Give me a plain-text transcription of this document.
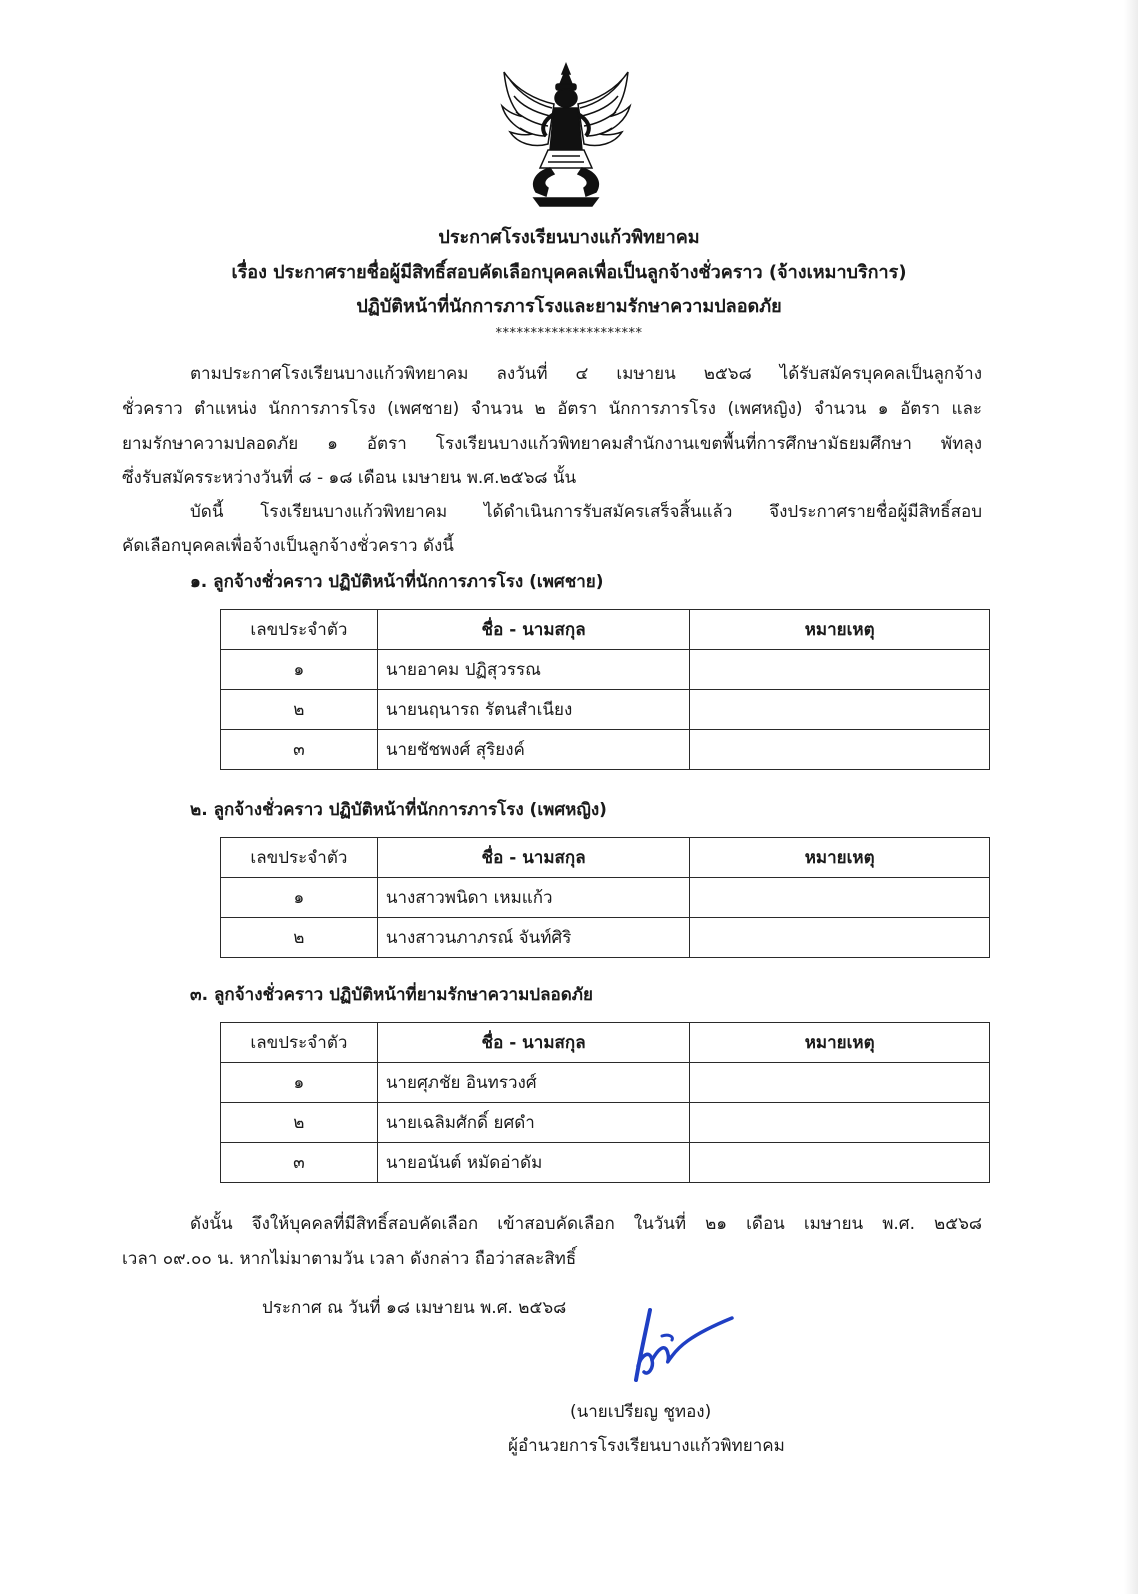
ประกาศโรงเรียนบางแก้วพิทยาคม
เรื่อง ประกาศรายชื่อผู้มีสิทธิ์สอบคัดเลือกบุคคลเพื่อเป็นลูกจ้างชั่วคราว (จ้างเหมาบริการ)
ปฏิบัติหน้าที่นักการภารโรงและยามรักษาความปลอดภัย
*********************
ตามประกาศโรงเรียนบางแก้วพิทยาคม ลงวันที่ ๔ เมษายน ๒๕๖๘ ได้รับสมัครบุคคลเป็นลูกจ้าง
ชั่วคราว ตำแหน่ง นักการภารโรง (เพศชาย) จำนวน ๒ อัตรา นักการภารโรง (เพศหญิง) จำนวน ๑ อัตรา และ
ยามรักษาความปลอดภัย ๑ อัตรา โรงเรียนบางแก้วพิทยาคมสำนักงานเขตพื้นที่การศึกษามัธยมศึกษา พัทลุง
ซึ่งรับสมัครระหว่างวันที่ ๘ - ๑๘ เดือน เมษายน พ.ศ.๒๕๖๘ นั้น
บัดนี้ โรงเรียนบางแก้วพิทยาคม ได้ดำเนินการรับสมัครเสร็จสิ้นแล้ว จึงประกาศรายชื่อผู้มีสิทธิ์สอบ
คัดเลือกบุคคลเพื่อจ้างเป็นลูกจ้างชั่วคราว ดังนี้
๑. ลูกจ้างชั่วคราว ปฏิบัติหน้าที่นักการภารโรง (เพศชาย)
เลขประจำตัว	ชื่อ - นามสกุล	หมายเหตุ
๑	นายอาคม ปฏิสุวรรณ	
๒	นายนฤนารถ รัตนสำเนียง	
๓	นายชัชพงศ์ สุริยงค์	
๒. ลูกจ้างชั่วคราว ปฏิบัติหน้าที่นักการภารโรง (เพศหญิง)
เลขประจำตัว	ชื่อ - นามสกุล	หมายเหตุ
๑	นางสาวพนิดา เหมแก้ว	
๒	นางสาวนภาภรณ์ จันท์ศิริ	
๓. ลูกจ้างชั่วคราว ปฏิบัติหน้าที่ยามรักษาความปลอดภัย
เลขประจำตัว	ชื่อ - นามสกุล	หมายเหตุ
๑	นายศุภชัย อินทรวงศ์	
๒	นายเฉลิมศักดิ์ ยศดำ	
๓	นายอนันต์ หมัดอ่าดัม	
ดังนั้น จึงให้บุคคลที่มีสิทธิ์สอบคัดเลือก เข้าสอบคัดเลือก ในวันที่ ๒๑ เดือน เมษายน พ.ศ. ๒๕๖๘
เวลา ๐๙.๐๐ น. หากไม่มาตามวัน เวลา ดังกล่าว ถือว่าสละสิทธิ์
ประกาศ ณ วันที่ ๑๘ เมษายน พ.ศ. ๒๕๖๘
(นายเปรียญ ชูทอง)
ผู้อำนวยการโรงเรียนบางแก้วพิทยาคม
